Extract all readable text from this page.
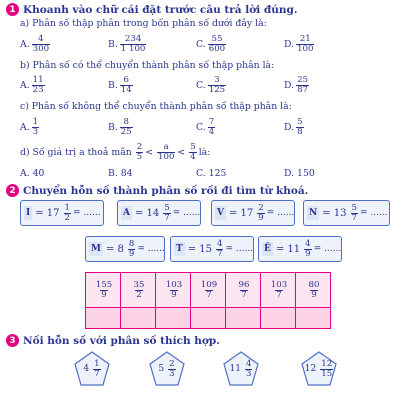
1 Khoanh vào chữ cái đặt trước câu trả lời đúng.
a) Phân số thập phân trong bốn phân số dưới đây là:
A. $\frac{4}{300}$	B. $\frac{234}{1 100}$	C. $\frac{55}{600}$	D. $\frac{21}{100}$
b) Phân số có thể chuyển thành phân số thập phân là:
A. $\frac{11}{23}$	B. $\frac{6}{14}$	C. $\frac{3}{125}$	D. $\frac{25}{87}$
c) Phân số không thể chuyển thành phân số thập phân là:
A. $\frac{1}{3}$	B. $\frac{8}{25}$	C. $\frac{7}{4}$	D. $\frac{5}{8}$
d) Số giá trị a thoả mãn $\frac{2}{5} < \frac{a}{100} < \frac{5}{4}$ là:
A.
40	B.
84	C.
125	D.
150
2 Chuyển hỗn số thành phân số rồi đi tìm từ khoá.
$I = 17 \frac{1}{2}$ = ...... $A = 14 \frac{5}{7}$ = ...... $V = 17 \frac{2}{9}$ = ...... $N = 13 \frac{5}{7}$ = ......
$M = 8 \frac{8}{9}$ = ...... $T = 15 \frac{4}{7}$ = ...... Ê = $11 \frac{4}{9}$ = ......
$\frac{155}{9}$	$\frac{35}{2}$	$\frac{103}{9}$	$\frac{109}{7}$	$\frac{96}{7}$	$\frac{103}{7}$	$\frac{80}{9}$

3 Nối hỗn số với phân số thích hợp.
$4 \frac{1}{7}$	$5 \frac{2}{3}$	$11 \frac{4}{3}$	$12 \frac{12}{15}$
